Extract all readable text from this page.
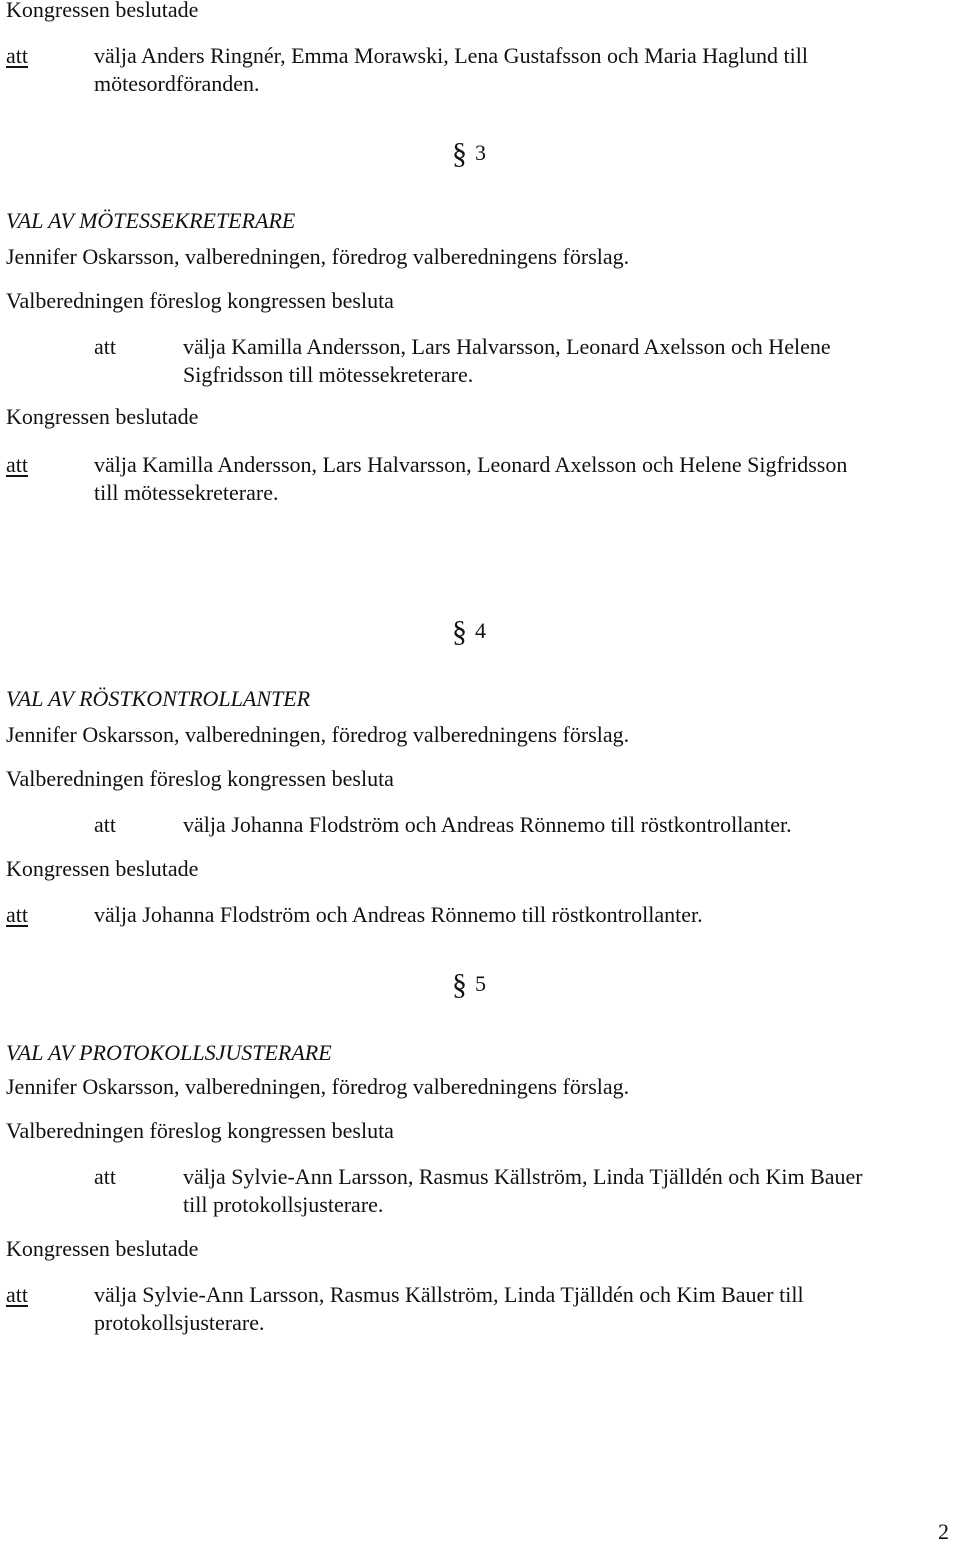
Kongressen beslutade
att	välja Anders Ringnér, Emma Morawski, Lena Gustafsson och Maria Haglund till
mötesordföranden.
§ 3
VAL AV MÖTESSEKRETERARE
Jennifer Oskarsson, valberedningen, föredrog valberedningens förslag.
Valberedningen föreslog kongressen besluta
att	välja Kamilla Andersson, Lars Halvarsson, Leonard Axelsson och Helene
Sigfridsson till mötessekreterare.
Kongressen beslutade
att	välja Kamilla Andersson, Lars Halvarsson, Leonard Axelsson och Helene Sigfridsson
till mötessekreterare.
§ 4
VAL AV RÖSTKONTROLLANTER
Jennifer Oskarsson, valberedningen, föredrog valberedningens förslag.
Valberedningen föreslog kongressen besluta
att	välja Johanna Flodström och Andreas Rönnemo till röstkontrollanter.
Kongressen beslutade
att	välja Johanna Flodström och Andreas Rönnemo till röstkontrollanter.
§ 5
VAL AV PROTOKOLLSJUSTERARE
Jennifer Oskarsson, valberedningen, föredrog valberedningens förslag.
Valberedningen föreslog kongressen besluta
att	välja Sylvie-Ann Larsson, Rasmus Källström, Linda Tjälldén och Kim Bauer
till protokollsjusterare.
Kongressen beslutade
att	välja Sylvie-Ann Larsson, Rasmus Källström, Linda Tjälldén och Kim Bauer till
protokollsjusterare.
2
